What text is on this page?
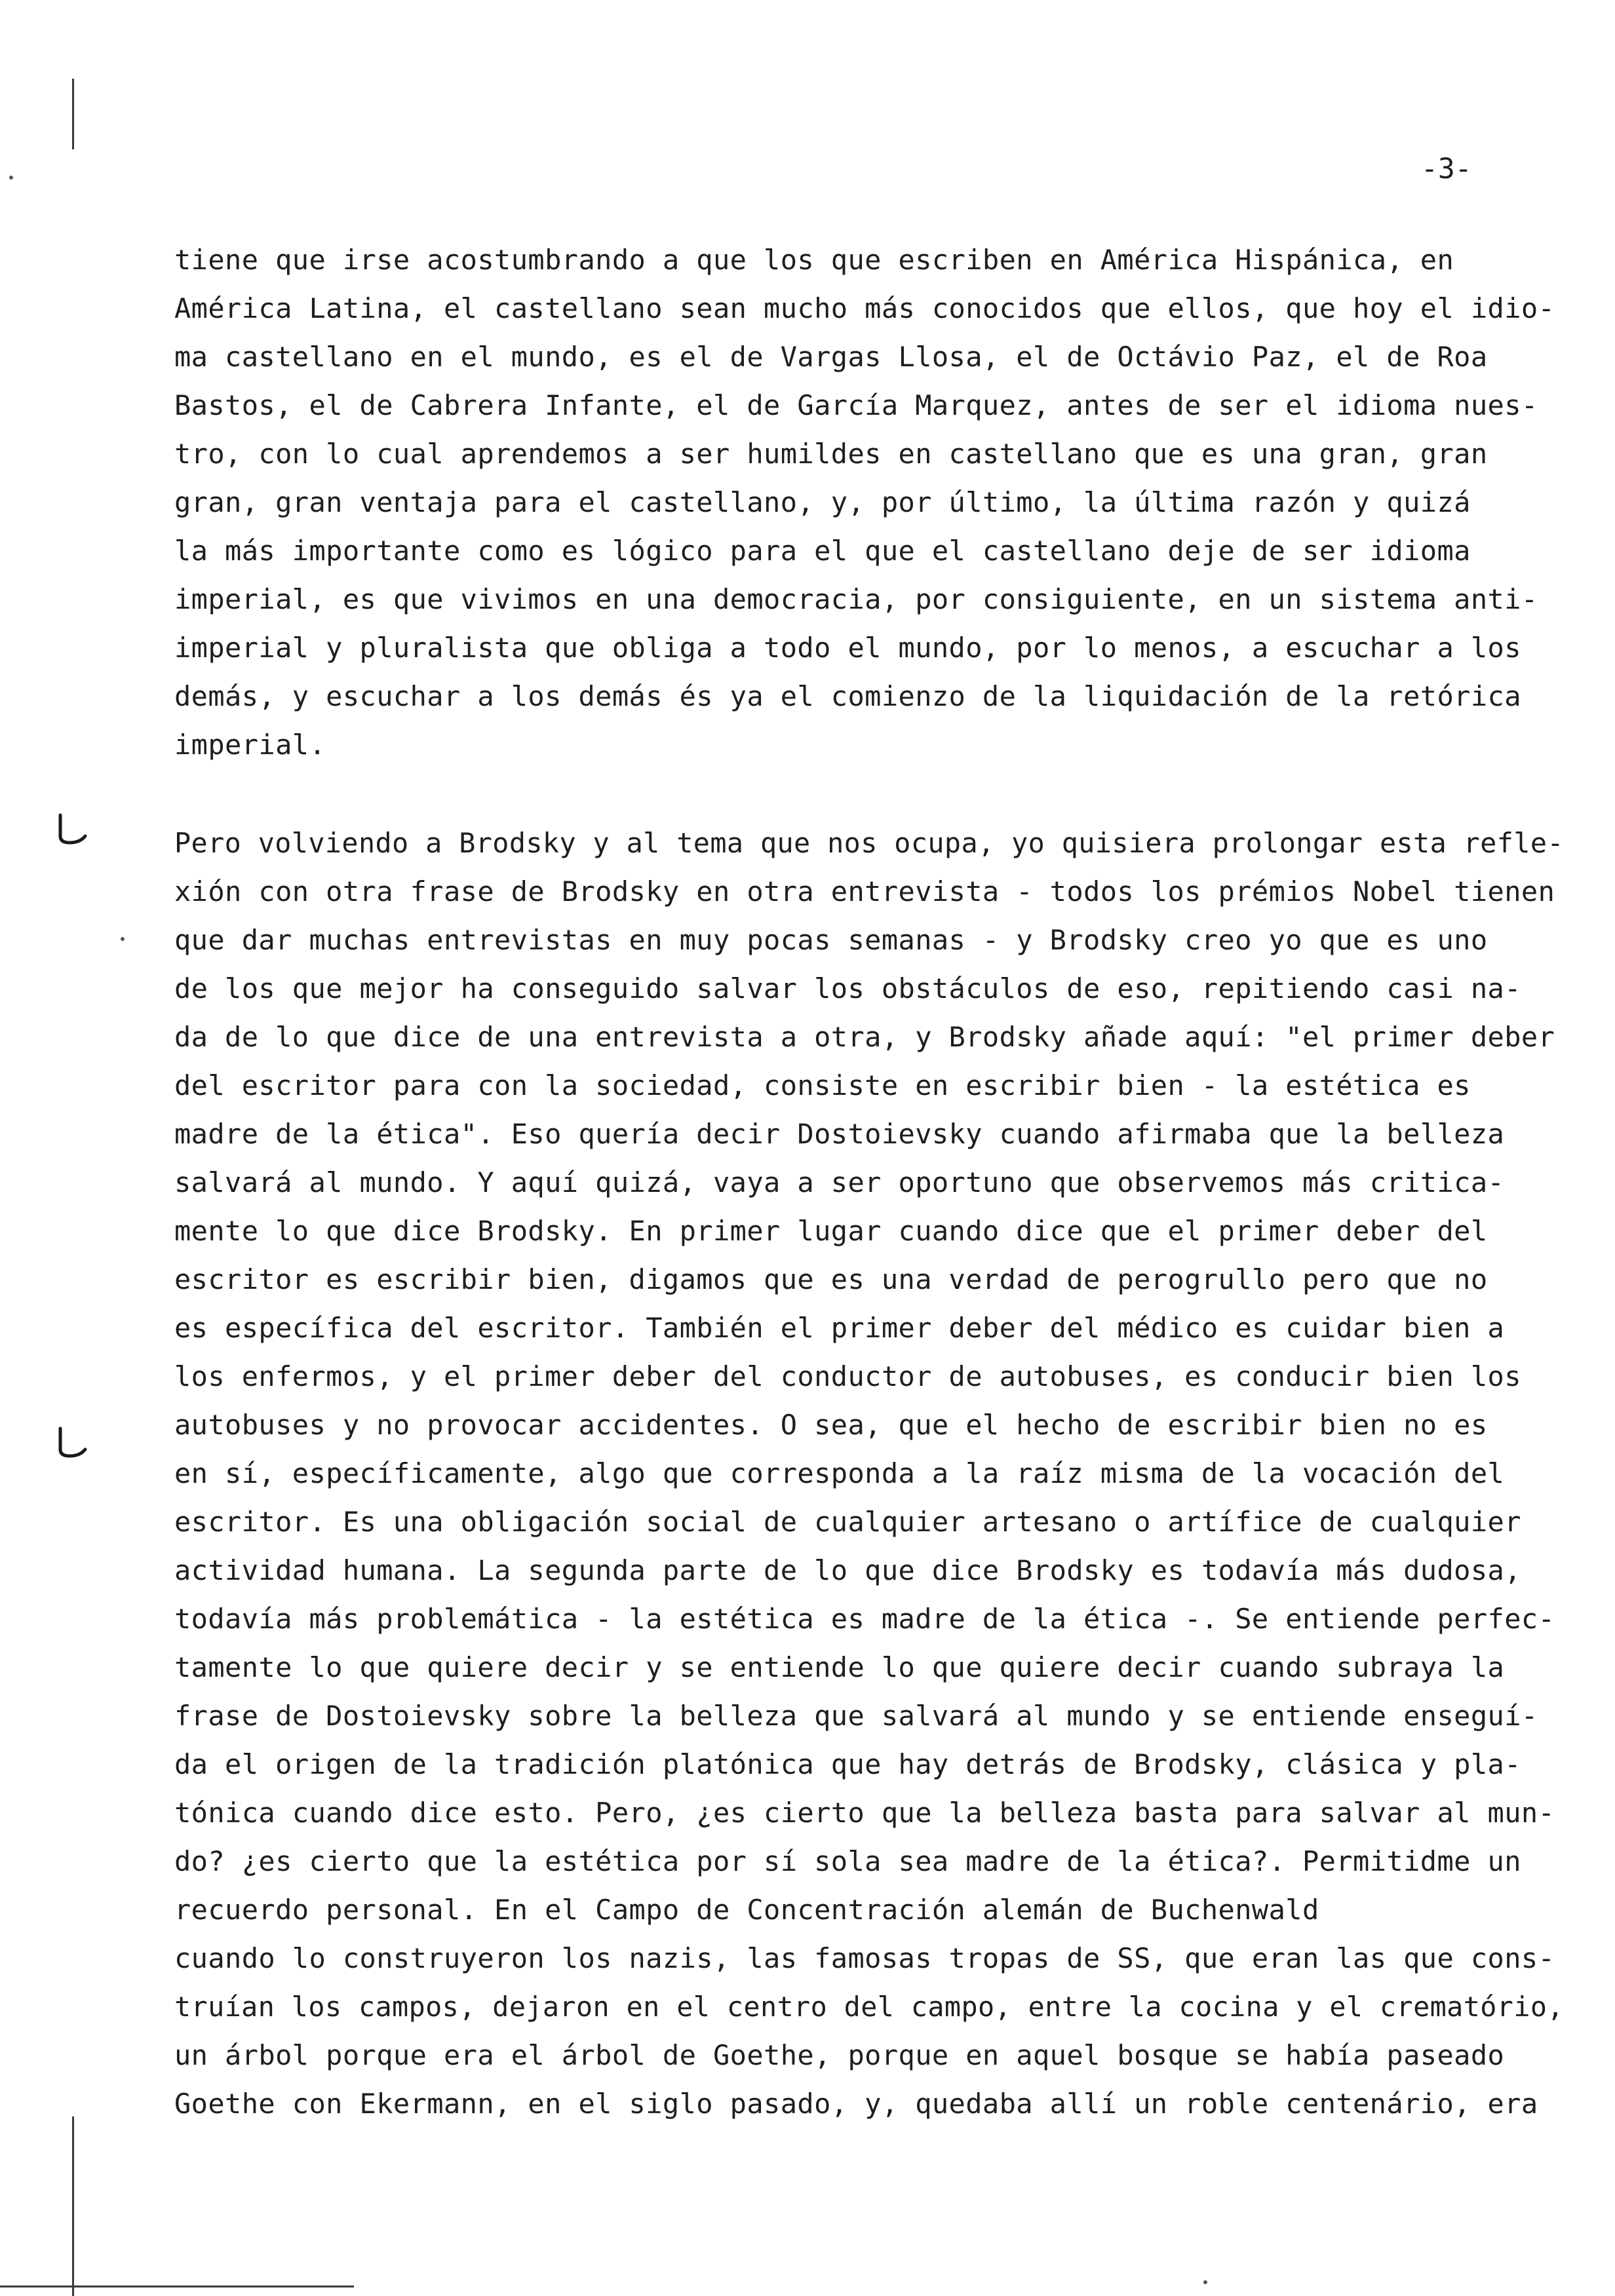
-3-
tiene que irse acostumbrando a que los que escriben en América Hispánica, en
América Latina, el castellano sean mucho más conocidos que ellos, que hoy el idio-
ma castellano en el mundo, es el de Vargas Llosa, el de Octávio Paz, el de Roa
Bastos, el de Cabrera Infante, el de García Marquez, antes de ser el idioma nues-
tro, con lo cual aprendemos a ser humildes en castellano que es una gran, gran
gran, gran ventaja para el castellano, y, por último, la última razón y quizá
la más importante como es lógico para el que el castellano deje de ser idioma
imperial, es que vivimos en una democracia, por consiguiente, en un sistema anti-
imperial y pluralista que obliga a todo el mundo, por lo menos, a escuchar a los
demás, y escuchar a los demás és ya el comienzo de la liquidación de la retórica
imperial.
Pero volviendo a Brodsky y al tema que nos ocupa, yo quisiera prolongar esta refle-
xión con otra frase de Brodsky en otra entrevista - todos los prémios Nobel tienen
que dar muchas entrevistas en muy pocas semanas - y Brodsky creo yo que es uno
de los que mejor ha conseguido salvar los obstáculos de eso, repitiendo casi na-
da de lo que dice de una entrevista a otra, y Brodsky añade aquí: "el primer deber
del escritor para con la sociedad, consiste en escribir bien - la estética es
madre de la ética". Eso quería decir Dostoievsky cuando afirmaba que la belleza
salvará al mundo. Y aquí quizá, vaya a ser oportuno que observemos más critica-
mente lo que dice Brodsky. En primer lugar cuando dice que el primer deber del
escritor es escribir bien, digamos que es una verdad de perogrullo pero que no
es específica del escritor. También el primer deber del médico es cuidar bien a
los enfermos, y el primer deber del conductor de autobuses, es conducir bien los
autobuses y no provocar accidentes. O sea, que el hecho de escribir bien no es
en sí, específicamente, algo que corresponda a la raíz misma de la vocación del
escritor. Es una obligación social de cualquier artesano o artífice de cualquier
actividad humana. La segunda parte de lo que dice Brodsky es todavía más dudosa,
todavía más problemática - la estética es madre de la ética -. Se entiende perfec-
tamente lo que quiere decir y se entiende lo que quiere decir cuando subraya la
frase de Dostoievsky sobre la belleza que salvará al mundo y se entiende enseguí-
da el origen de la tradición platónica que hay detrás de Brodsky, clásica y pla-
tónica cuando dice esto. Pero, ¿es cierto que la belleza basta para salvar al mun-
do? ¿es cierto que la estética por sí sola sea madre de la ética?. Permitidme un
recuerdo personal. En el Campo de Concentración alemán de Buchenwald
cuando lo construyeron los nazis, las famosas tropas de SS, que eran las que cons-
truían los campos, dejaron en el centro del campo, entre la cocina y el crematório,
un árbol porque era el árbol de Goethe, porque en aquel bosque se había paseado
Goethe con Ekermann, en el siglo pasado, y, quedaba allí un roble centenário, era
